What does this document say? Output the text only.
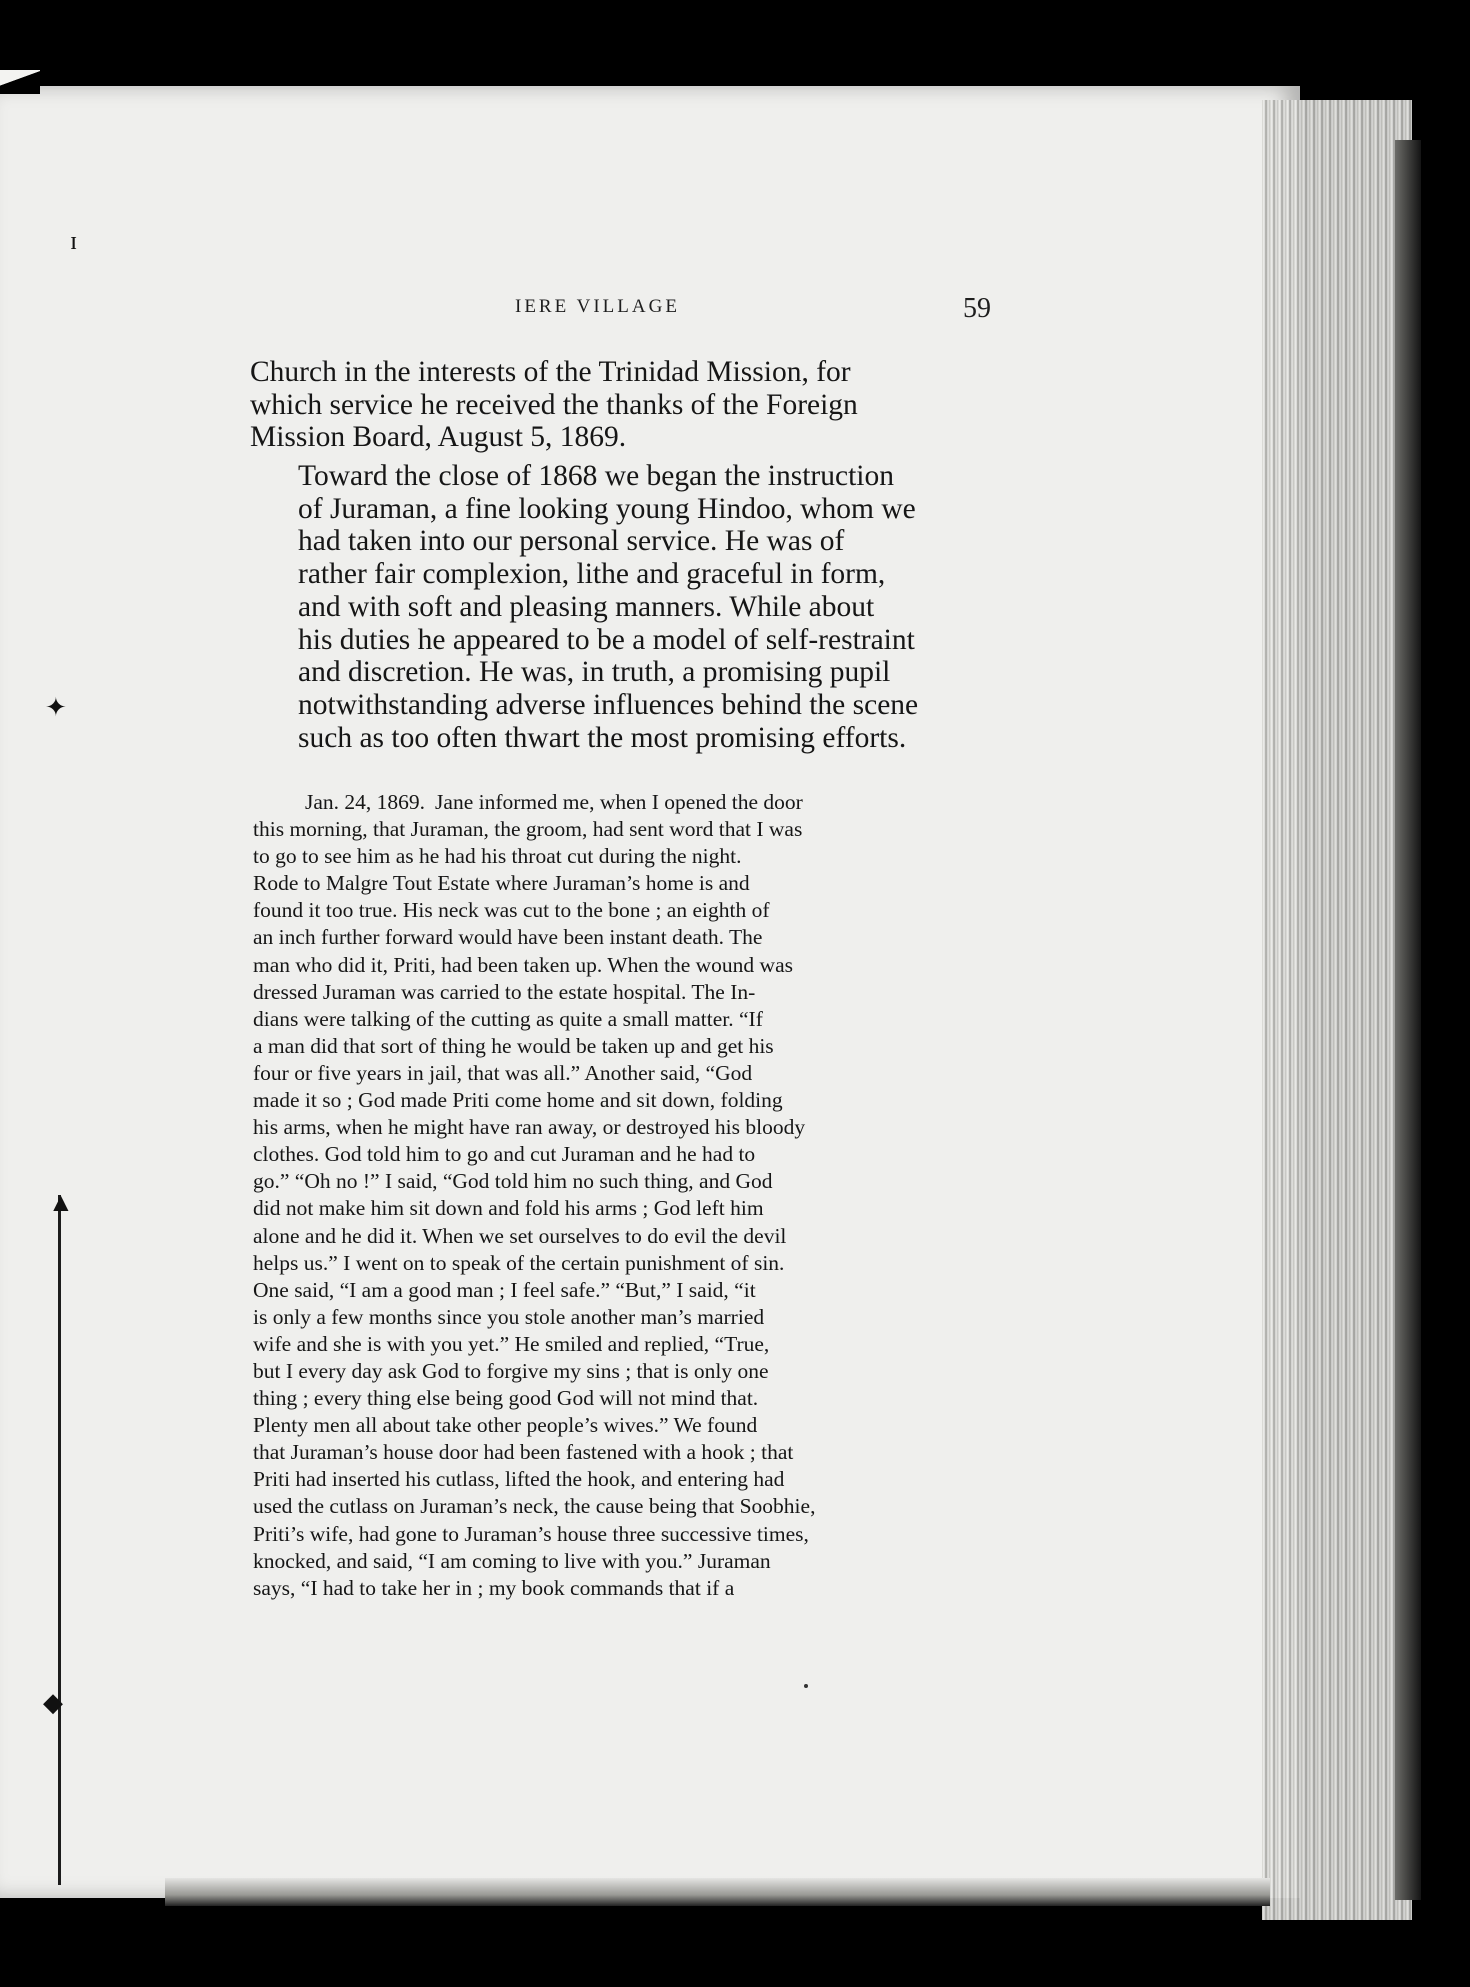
ɪ
✦
▲
◆
IERE VILLAGE	59

Church in the interests of the Trinidad Mission, for
which service he received the thanks of the Foreign
Mission Board, August 5, 1869.

Toward the close of 1868 we began the instruction
of Juraman, a fine looking young Hindoo, whom we
had taken into our personal service. He was of
rather fair complexion, lithe and graceful in form,
and with soft and pleasing manners. While about
his duties he appeared to be a model of self-restraint
and discretion. He was, in truth, a promising pupil
notwithstanding adverse influences behind the scene
such as too often thwart the most promising efforts.

Jan. 24, 1869. Jane informed me, when I opened the door
this morning, that Juraman, the groom, had sent word that I was
to go to see him as he had his throat cut during the night.
Rode to Malgre Tout Estate where Juraman’s home is and
found it too true. His neck was cut to the bone ; an eighth of
an inch further forward would have been instant death. The
man who did it, Priti, had been taken up. When the wound was
dressed Juraman was carried to the estate hospital. The In-
dians were talking of the cutting as quite a small matter. “If
a man did that sort of thing he would be taken up and get his
four or five years in jail, that was all.” Another said, “God
made it so ; God made Priti come home and sit down, folding
his arms, when he might have ran away, or destroyed his bloody
clothes. God told him to go and cut Juraman and he had to
go.” “Oh no !” I said, “God told him no such thing, and God
did not make him sit down and fold his arms ; God left him
alone and he did it. When we set ourselves to do evil the devil
helps us.” I went on to speak of the certain punishment of sin.
One said, “I am a good man ; I feel safe.” “But,” I said, “it
is only a few months since you stole another man’s married
wife and she is with you yet.” He smiled and replied, “True,
but I every day ask God to forgive my sins ; that is only one
thing ; every thing else being good God will not mind that.
Plenty men all about take other people’s wives.” We found
that Juraman’s house door had been fastened with a hook ; that
Priti had inserted his cutlass, lifted the hook, and entering had
used the cutlass on Juraman’s neck, the cause being that Soobhie,
Priti’s wife, had gone to Juraman’s house three successive times,
knocked, and said, “I am coming to live with you.” Juraman
says, “I had to take her in ; my book commands that if a
